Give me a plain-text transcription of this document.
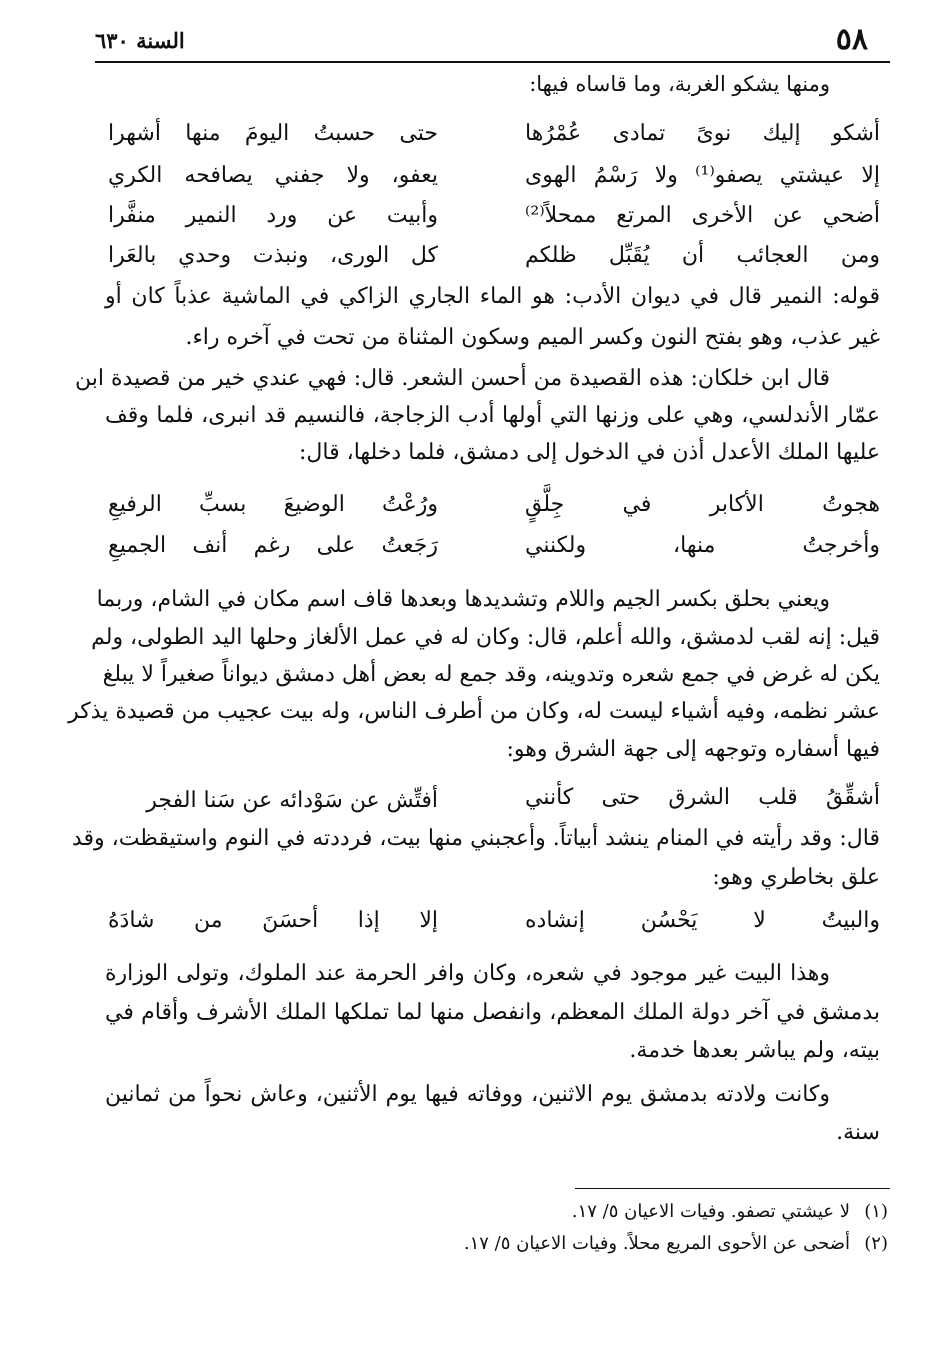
٥٨
السنة ٦٣٠
ومنها يشكو الغربة، وما قاساه فيها:
أشكو إليك نوىً تمادى عُمْرُها
حتى حسبتُ اليومَ منها أشهرا
إلا عيشتي يصفو⁽¹⁾ ولا رَسْمُ الهوى
يعفو، ولا جفني يصافحه الكري
أضحي عن الأخرى المرتع ممحلاً⁽²⁾
وأبيت عن ورد النمير منفَّرا
ومن العجائب أن يُقَبِّل ظلكم
كل الورى، ونبذت وحدي بالعَرا
قوله: النمير قال في ديوان الأدب: هو الماء الجاري الزاكي في الماشية عذباً كان أو
غير عذب، وهو بفتح النون وكسر الميم وسكون المثناة من تحت في آخره راء.
قال ابن خلكان: هذه القصيدة من أحسن الشعر. قال: فهي عندي خير من قصيدة ابن
عمّار الأندلسي، وهي على وزنها التي أولها أدب الزجاجة، فالنسيم قد انبرى، فلما وقف
عليها الملك الأعدل أذن في الدخول إلى دمشق، فلما دخلها، قال:
هجوتُ الأكابر في جِلَّقٍ
ورُعْتُ الوضيعَ بسبِّ الرفيعِ
وأخرجتُ منها، ولكنني
رَجَعتُ على رغم أنف الجميعِ
ويعني بحلق بكسر الجيم واللام وتشديدها وبعدها قاف اسم مكان في الشام، وربما
قيل: إنه لقب لدمشق، والله أعلم، قال: وكان له في عمل الألغاز وحلها اليد الطولى، ولم
يكن له غرض في جمع شعره وتدوينه، وقد جمع له بعض أهل دمشق ديواناً صغيراً لا يبلغ
عشر نظمه، وفيه أشياء ليست له، وكان من أطرف الناس، وله بيت عجيب من قصيدة يذكر
فيها أسفاره وتوجهه إلى جهة الشرق وهو:
أشقِّقُ قلب الشرق حتى كأنني
أفتِّش عن سَوْدائه عن سَنا الفجر
قال: وقد رأيته في المنام ينشد أبياتاً. وأعجبني منها بيت، فرددته في النوم واستيقظت، وقد
علق بخاطري وهو:
والبيتُ لا يَحْسُن إنشاده
إلا إذا أحسَنَ من شادَهُ
وهذا البيت غير موجود في شعره، وكان وافر الحرمة عند الملوك، وتولى الوزارة
بدمشق في آخر دولة الملك المعظم، وانفصل منها لما تملكها الملك الأشرف وأقام في
بيته، ولم يباشر بعدها خدمة.
وكانت ولادته بدمشق يوم الاثنين، ووفاته فيها يوم الأثنين، وعاش نحواً من ثمانين
سنة.
(١)لا عيشتي تصفو. وفيات الاعيان ٥/ ١٧.
(٢)أضحى عن الأحوى المريع محلاً. وفيات الاعيان ٥/ ١٧.
